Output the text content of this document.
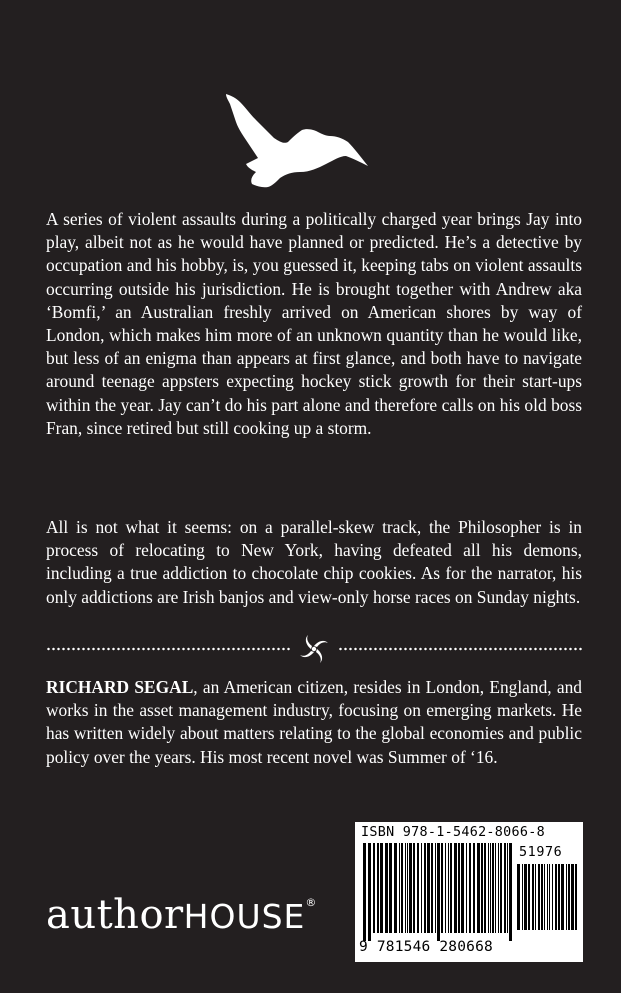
A series of violent assaults during a politically charged year brings Jay into play, albeit not as he would have planned or predicted. He’s a detective by occupation and his hobby, is, you guessed it, keeping tabs on violent assaults occurring outside his jurisdiction. He is brought together with Andrew aka ‘Bomfi,’ an Australian freshly arrived on American shores by way of London, which makes him more of an unknown quantity than he would like, but less of an enigma than appears at first glance, and both have to navigate around teenage appsters expecting hockey stick growth for their start-ups within the year. Jay can’t do his part alone and therefore calls on his old boss Fran, since retired but still cooking up a storm.

All is not what it seems: on a parallel-skew track, the Philosopher is in process of relocating to New York, having defeated all his demons, including a true addiction to chocolate chip cookies. As for the narrator, his only addictions are Irish banjos and view-only horse races on Sunday nights.

RICHARD SEGAL, an American citizen, resides in London, England, and works in the asset management industry, focusing on emerging markets. He has written widely about matters relating to the global economies and public policy over the years. His most recent novel was Summer of ‘16.

authorHOUSE®
ISBN 978-1-5462-8066-8
51976
9 781546 280668
